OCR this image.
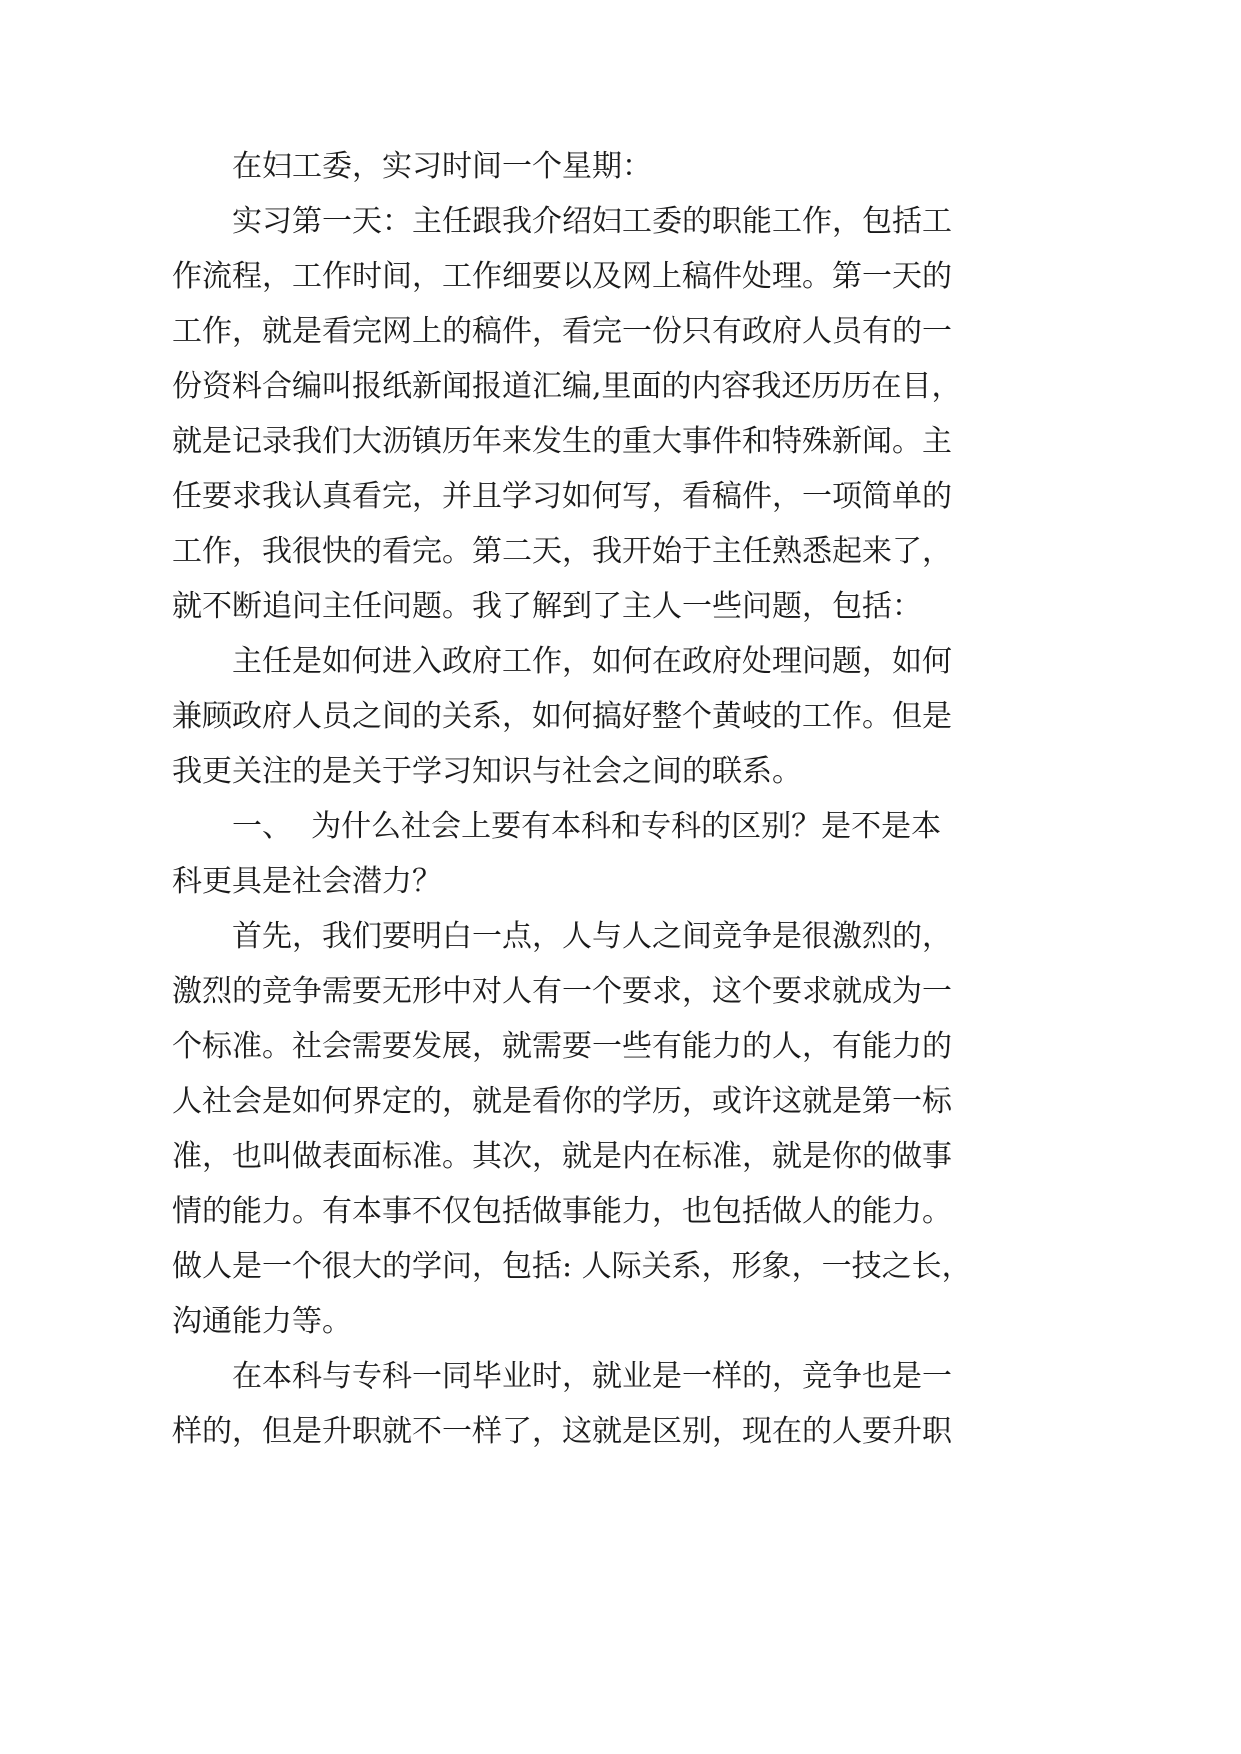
在妇工委，实习时间一个星期：
实习第一天：主任跟我介绍妇工委的职能工作，包括工
作流程，工作时间，工作细要以及网上稿件处理。第一天的
工作，就是看完网上的稿件，看完一份只有政府人员有的一
份资料合编叫报纸新闻报道汇编,里面的内容我还历历在目，
就是记录我们大沥镇历年来发生的重大事件和特殊新闻。主
任要求我认真看完，并且学习如何写，看稿件，一项简单的
工作，我很快的看完。第二天，我开始于主任熟悉起来了，
就不断追问主任问题。我了解到了主人一些问题，包括：
主任是如何进入政府工作，如何在政府处理问题，如何
兼顾政府人员之间的关系，如何搞好整个黄岐的工作。但是
我更关注的是关于学习知识与社会之间的联系。
一、  为什么社会上要有本科和专科的区别？是不是本
科更具是社会潜力？
首先，我们要明白一点，人与人之间竞争是很激烈的，
激烈的竞争需要无形中对人有一个要求，这个要求就成为一
个标准。社会需要发展，就需要一些有能力的人，有能力的
人社会是如何界定的，就是看你的学历，或许这就是第一标
准，也叫做表面标准。其次，就是内在标准，就是你的做事
情的能力。有本事不仅包括做事能力，也包括做人的能力。
做人是一个很大的学问，包括: 人际关系，形象，一技之长，
沟通能力等。
在本科与专科一同毕业时，就业是一样的，竞争也是一
样的，但是升职就不一样了，这就是区别，现在的人要升职
